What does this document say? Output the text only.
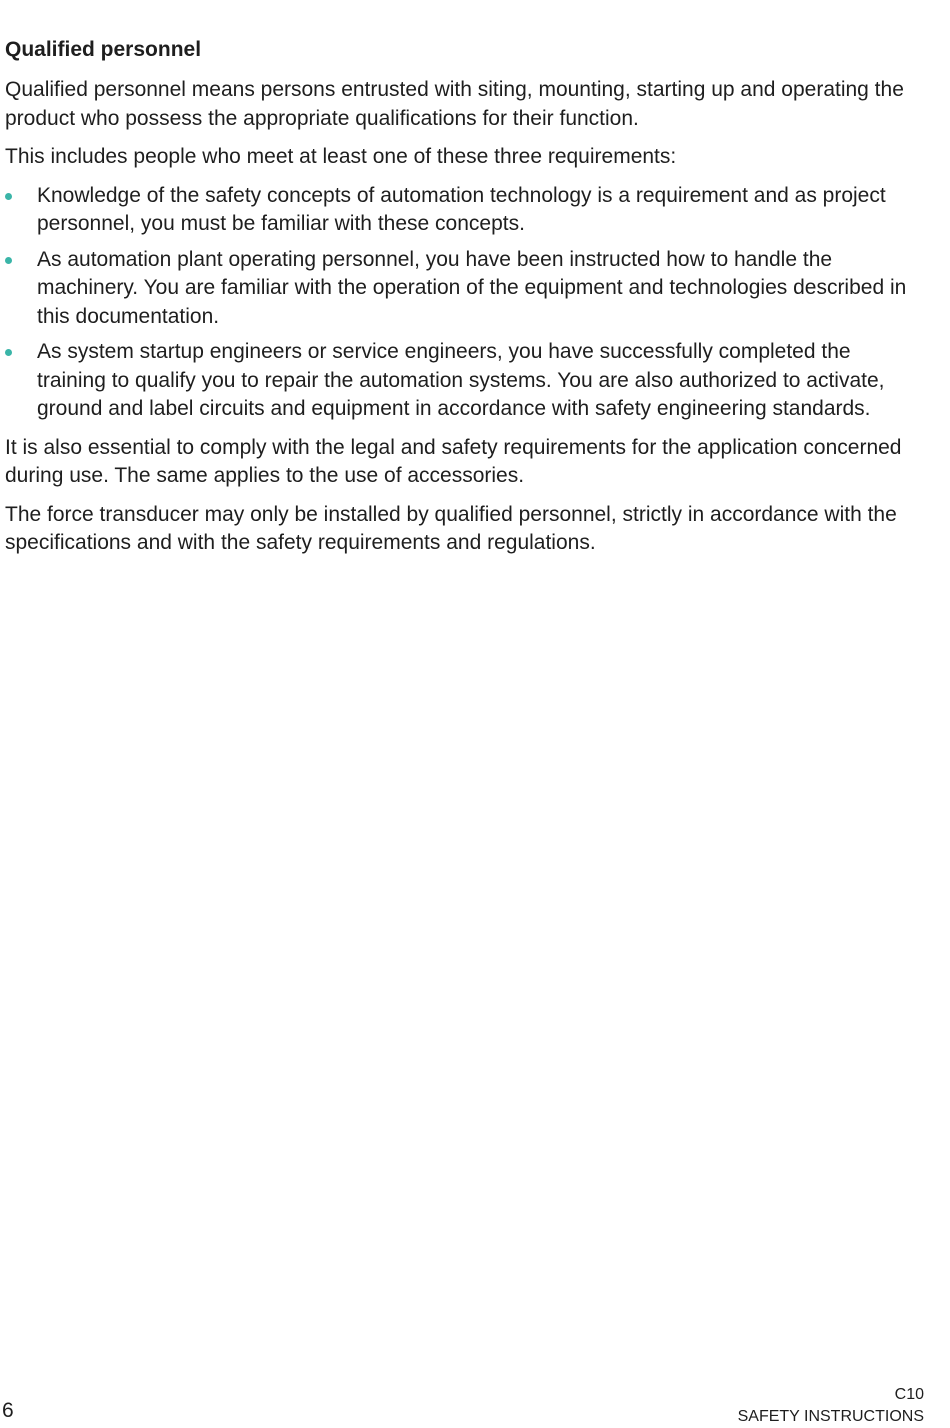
Qualified personnel

Qualified personnel means persons entrusted with siting, mounting, starting up and operating the product who possess the appropriate qualifications for their function.

This includes people who meet at least one of these three requirements:

Knowledge of the safety concepts of automation technology is a requirement and as project personnel, you must be familiar with these concepts.
As automation plant operating personnel, you have been instructed how to handle the machinery. You are familiar with the operation of the equipment and technologies described in this documentation.
As system startup engineers or service engineers, you have successfully completed the training to qualify you to repair the automation systems. You are also authorized to activate, ground and label circuits and equipment in accordance with safety engineering standards.

It is also essential to comply with the legal and safety requirements for the application concerned during use. The same applies to the use of accessories.

The force transducer may only be installed by qualified personnel, strictly in accordance with the specifications and with the safety requirements and regulations.

6
C10
SAFETY INSTRUCTIONS
